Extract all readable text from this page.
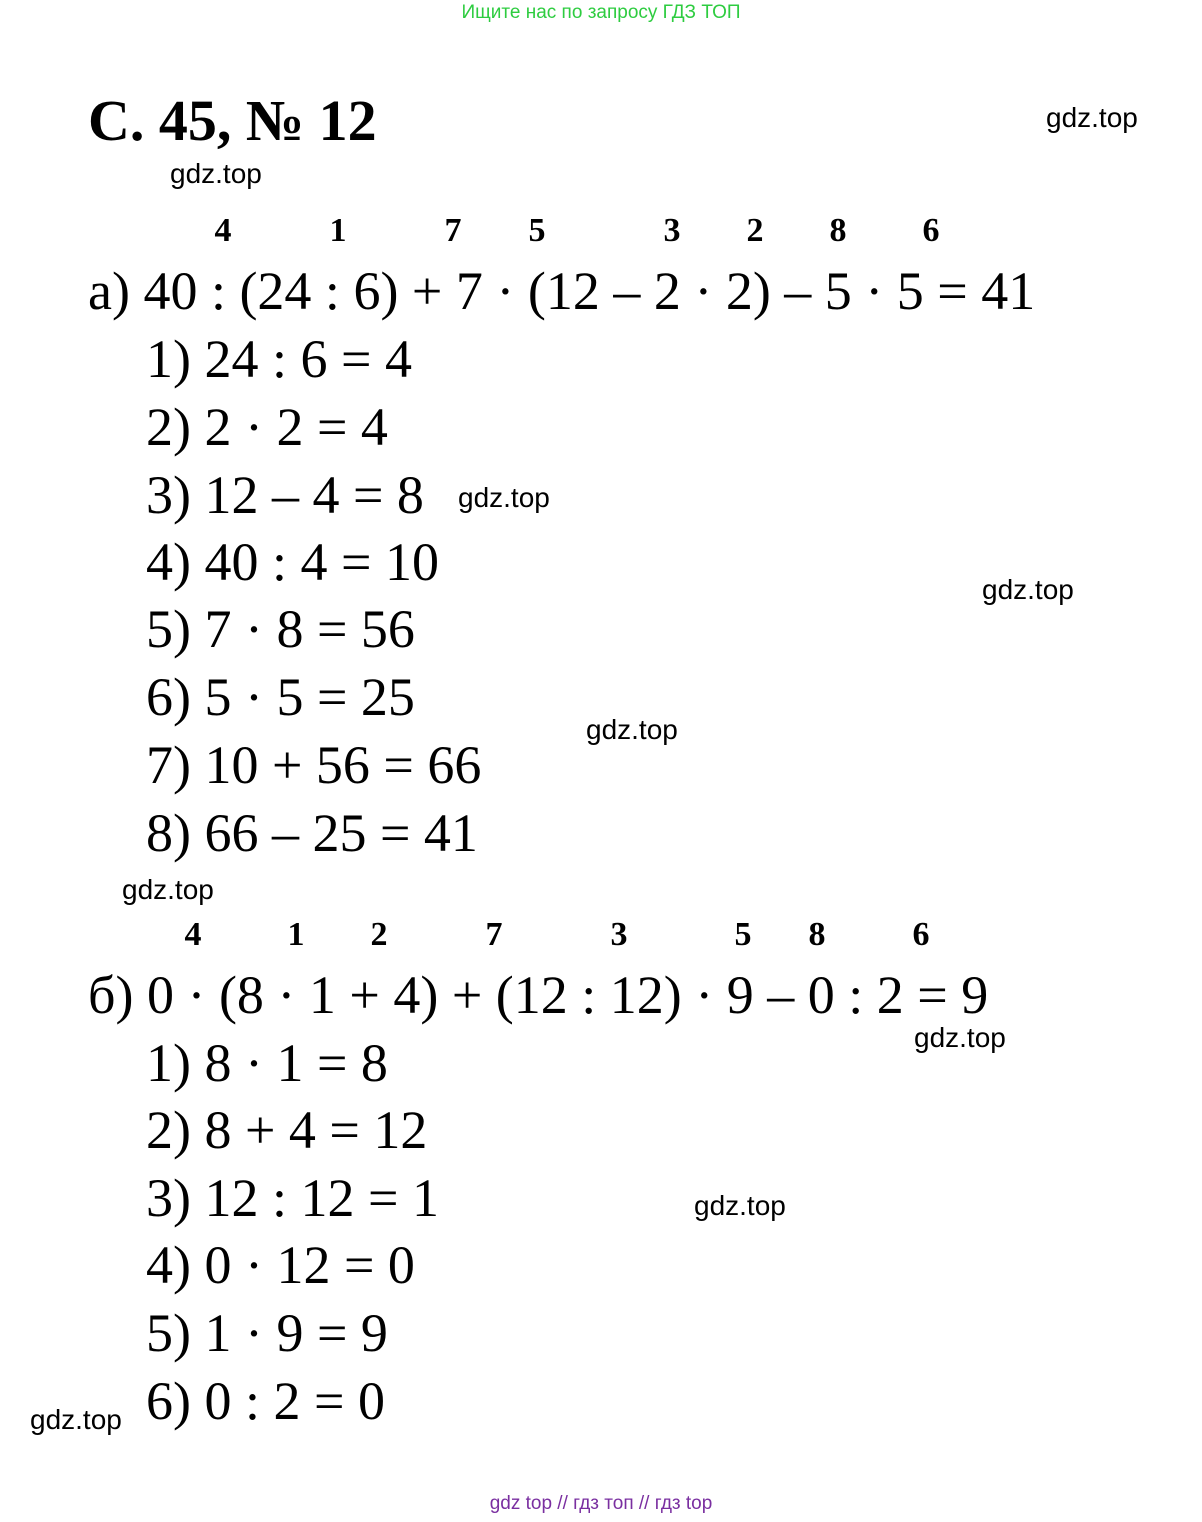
Ищите нас по запросу ГДЗ ТОП
С. 45, № 12	gdz.top
gdz.top
gdz.top
gdz.top
gdz.top
gdz.top
gdz.top
gdz.top
gdz.top
4	1	7 5	3 2 8 6
а) 40 : (24 : 6) + 7 · (12 – 2 · 2) – 5 · 5 = 41
1) 24 : 6 = 4
2) 2 · 2 = 4
3) 12 – 4 = 8
4) 40 : 4 = 10
5) 7 · 8 = 56
6) 5 · 5 = 25
7) 10 + 56 = 66
8) 66 – 25 = 41
4	1 2	7	3	5 8	6
б) 0 · (8 · 1 + 4) + (12 : 12) · 9 – 0 : 2 = 9
1) 8 · 1 = 8
2) 8 + 4 = 12
3) 12 : 12 = 1
4) 0 · 12 = 0
5) 1 · 9 = 9
6) 0 : 2 = 0
gdz top // гдз топ // гдз top
